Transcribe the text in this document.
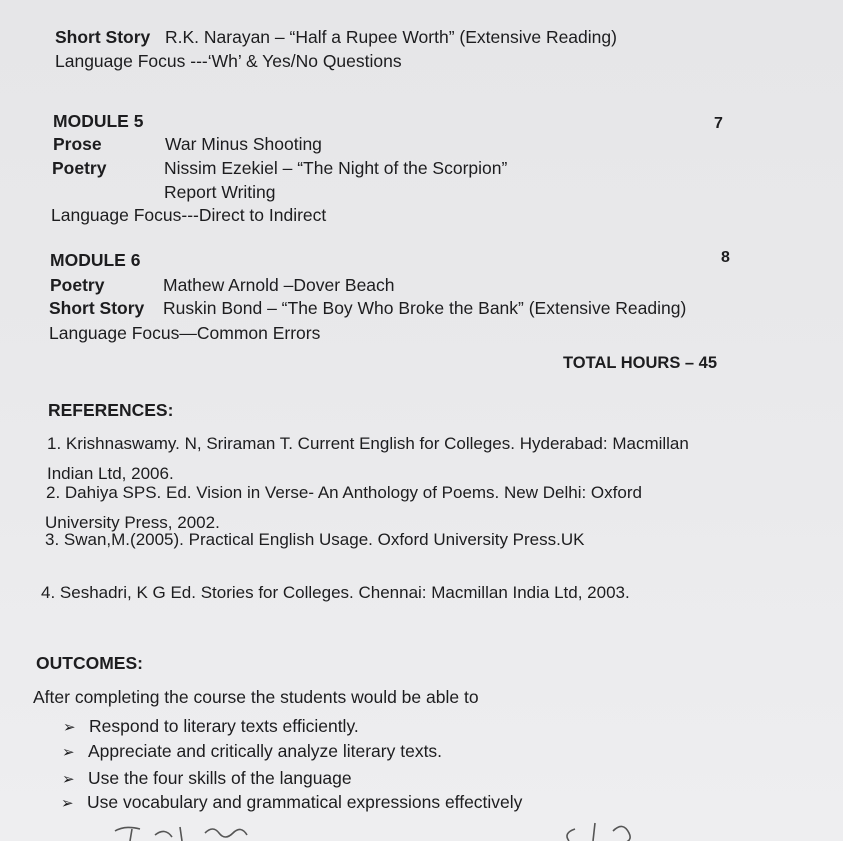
Short Story R.K. Narayan – “Half a Rupee Worth” (Extensive Reading)
Language Focus ---‘Wh’ & Yes/No Questions
MODULE 5	7
Prose	War Minus Shooting
Poetry	Nissim Ezekiel – “The Night of the Scorpion”
Report Writing
Language Focus---Direct to Indirect
MODULE 6	8
Poetry	Mathew Arnold –Dover Beach
Short Story Ruskin Bond – “The Boy Who Broke the Bank” (Extensive Reading)
Language Focus—Common Errors
TOTAL HOURS – 45
REFERENCES:
1. Krishnaswamy. N, Sriraman T. Current English for Colleges. Hyderabad: Macmillan
Indian Ltd, 2006.
2. Dahiya SPS. Ed. Vision in Verse- An Anthology of Poems. New Delhi: Oxford
University Press, 2002.
3. Swan,M.(2005). Practical English Usage. Oxford University Press.UK
4. Seshadri, K G Ed. Stories for Colleges. Chennai: Macmillan India Ltd, 2003.
OUTCOMES:
After completing the course the students would be able to
➢ Respond to literary texts efficiently.
➢ Appreciate and critically analyze literary texts.
➢ Use the four skills of the language
➢ Use vocabulary and grammatical expressions effectively
